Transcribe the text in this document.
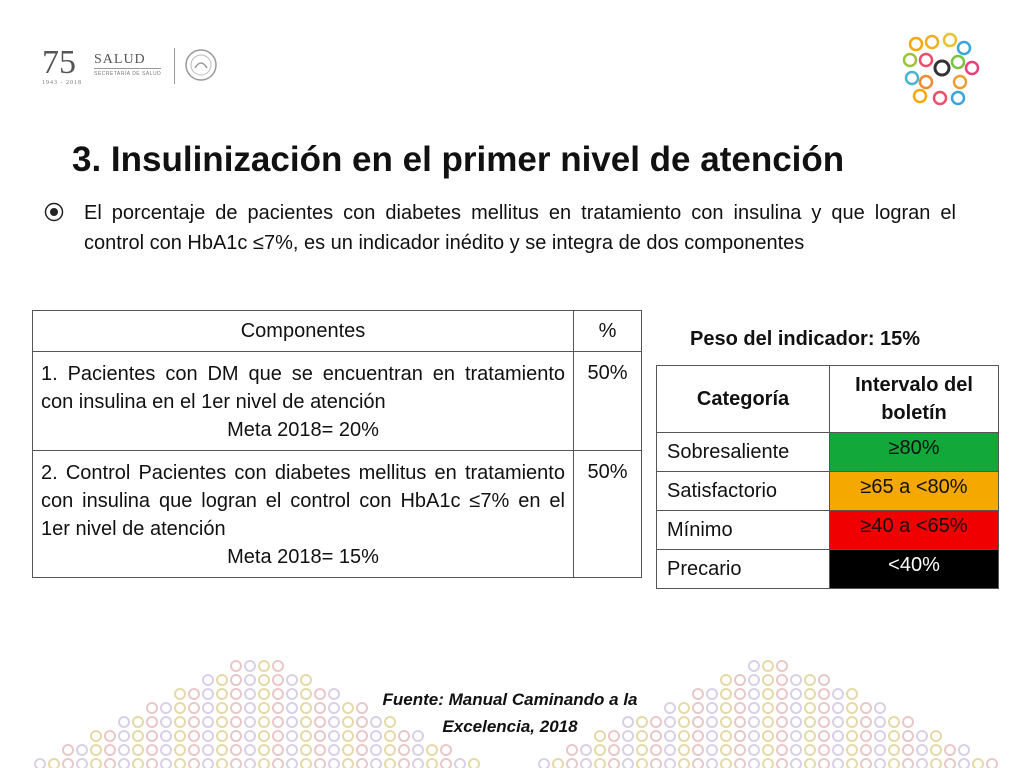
75
1943 - 2018
SALUD
SECRETARÍA DE SALUD
3. Insulinización en el primer nivel de atención

El porcentaje de pacientes con diabetes mellitus en tratamiento con insulina y que logran el control con HbA1c ≤7%, es un indicador inédito y se integra de dos componentes

Componentes	%
1. Pacientes con DM que se encuentran en tratamiento con insulina en el 1er nivel de atención
Meta 2018= 20%	50%
2. Control Pacientes con diabetes mellitus en tratamiento con insulina que logran el control con HbA1c ≤7% en el 1er nivel de atención
Meta 2018= 15%	50%
Peso del indicador: 15%
Categoría	Intervalo del boletín
Sobresaliente	≥80%
Satisfactorio	≥65 a <80%
Mínimo	≥40 a <65%
Precario	<40%
Fuente: Manual Caminando a la Excelencia, 2018
